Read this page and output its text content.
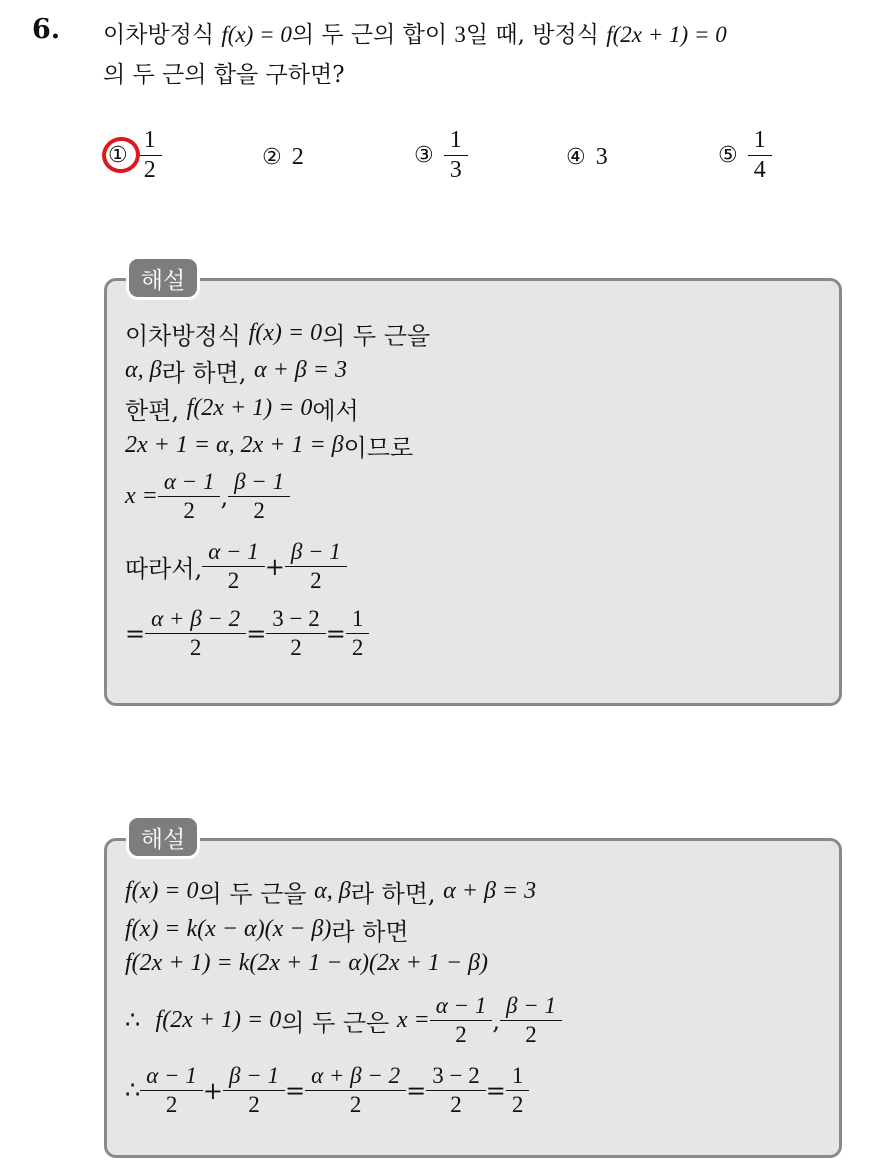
6. 이차방정식 f(x) = 0의 두 근의 합이 3일 때, 방정식 f(2x + 1) = 0
의 두 근의 합을 구하면?
① $\frac{1}{2}$	② 2	③ $\frac{1}{3}$	④ 3	⑤ $\frac{1}{4}$
해설
이차방정식
f(x) = 0 의 두 근을
α, β 라 하면,
α + β = 3
한편,
f(2x + 1) = 0 에서
2x + 1 = α, 2x + 1 = β 이므로
$x = \frac{\alpha - 1}{2}$ , $\frac{\beta - 1}{2}$
따라서, $\frac{\alpha - 1}{2} + \frac{\beta - 1}{2}$
= $\frac{\alpha + \beta - 2}{2} = \frac{3 - 2}{2} = \frac{1}{2}$
해설
f(x) = 0 의 두 근을
α, β 라 하면,
α + β = 3
f(x) = k(x − α)(x − β) 라 하면
f(2x + 1) = k(2x + 1 − α)(2x + 1 − β)
∴
f(2x + 1) = 0 의 두 근은
$x = \frac{\alpha - 1}{2}$ , $\frac{\beta - 1}{2}$
∴ $\frac{\alpha - 1}{2} + \frac{\beta - 1}{2} = \frac{\alpha + \beta - 2}{2} = \frac{3 - 2}{2} = \frac{1}{2}$
